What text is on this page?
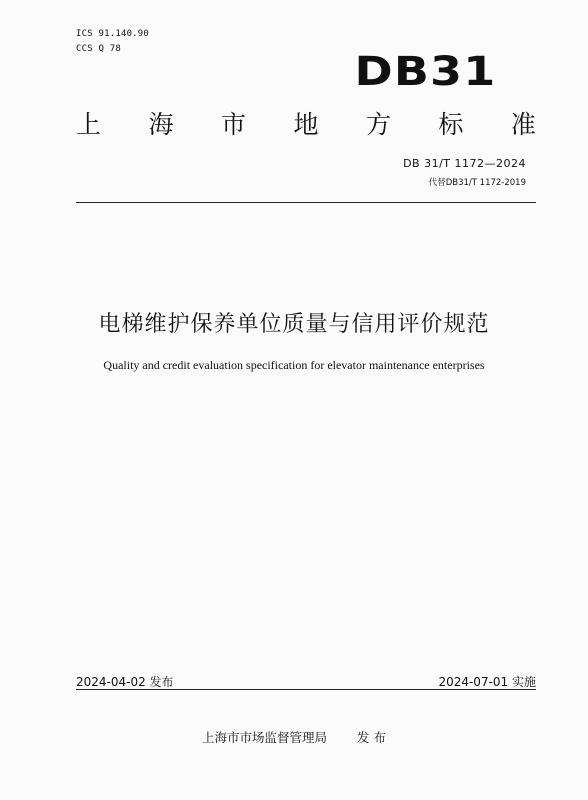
ICS 91.140.90
CCS Q 78	DB31
上 海 市 地 方 标 准
DB 31/T 1172—2024
代替DB31/T 1172-2019
电梯维护保养单位质量与信用评价规范
Quality and credit evaluation specification for elevator maintenance enterprises
2024-04-02 发布	2024-07-01 实施
上海市市场监督管理局 发 布
